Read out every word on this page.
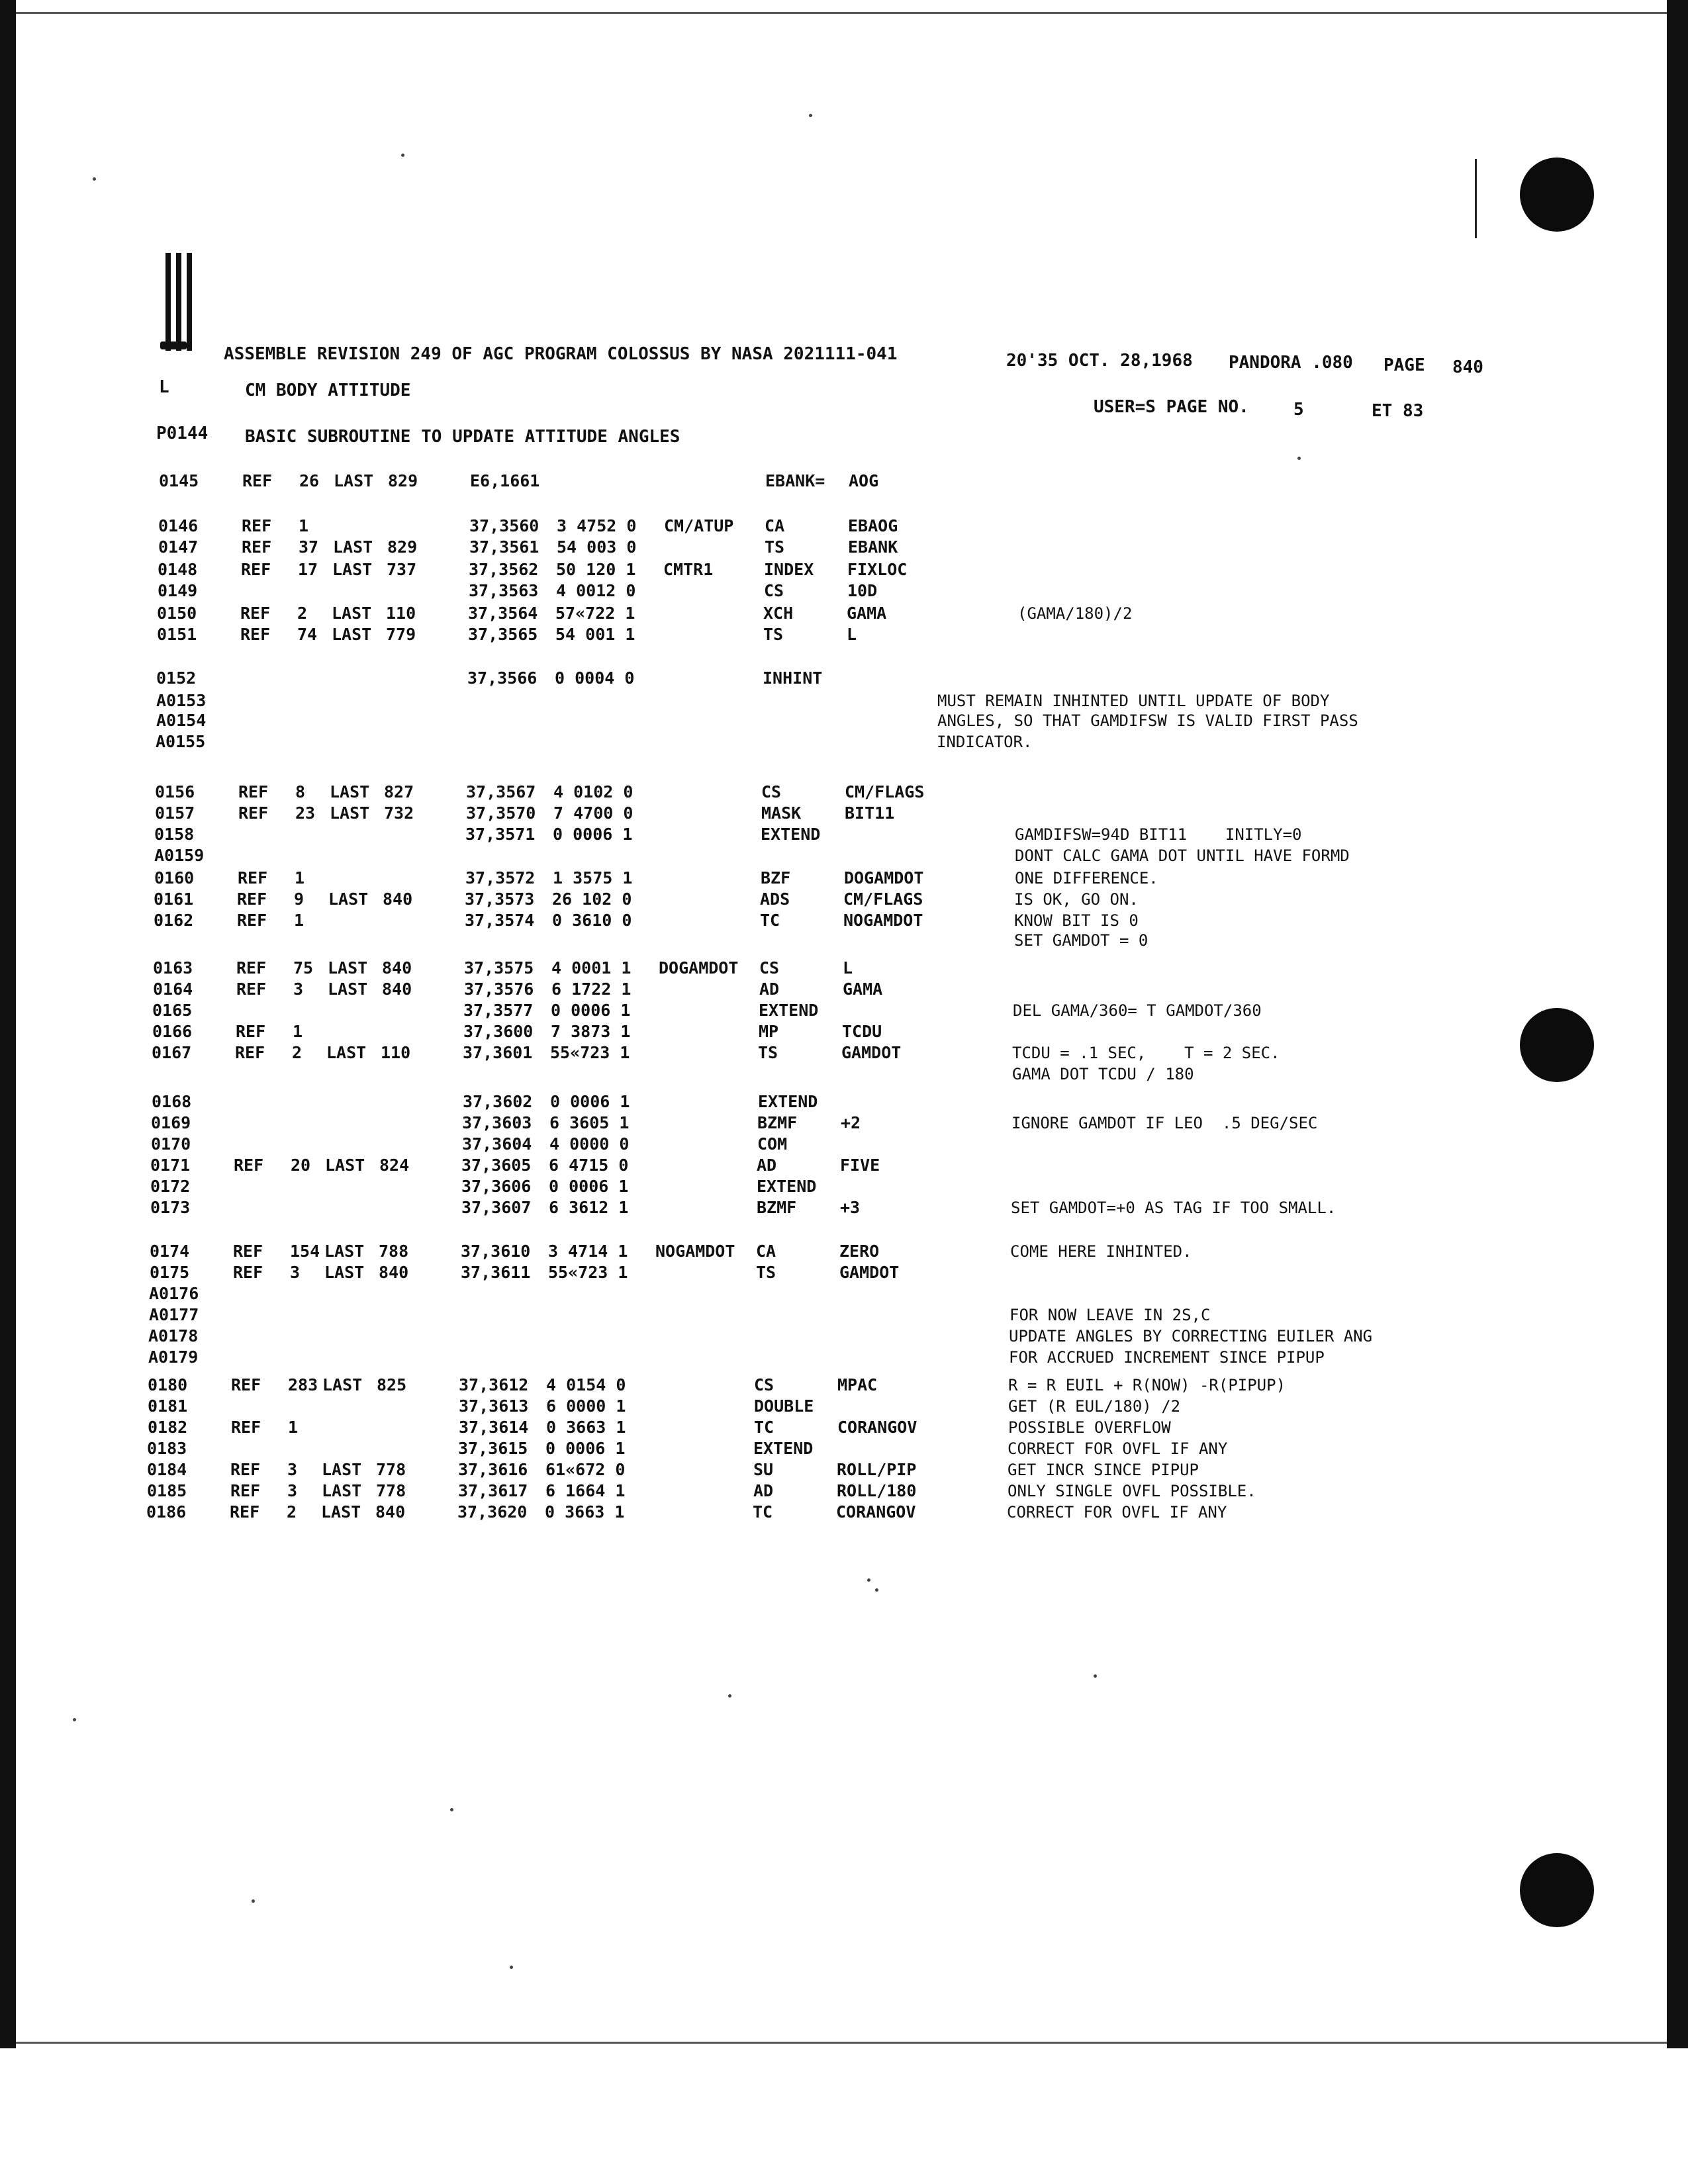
ASSEMBLE REVISION 249 OF AGC PROGRAM COLOSSUS BY NASA 2021111-041	20'35 OCT. 28,1968 PANDORA .080 PAGE 840
L	CM BODY ATTITUDE
USER=S PAGE NO.	5	ET 83
P0144 BASIC SUBROUTINE TO UPDATE ATTITUDE ANGLES
0145	REF 26 LAST 829	E6,1661	EBANK= AOG
0146	REF 1	37,3560 3 4752 0 CM/ATUP CA	EBAOG
0147	REF 37 LAST 829	37,3561 54 003 0	TS	EBANK
0148	REF 17 LAST 737	37,3562 50 120 1 CMTR1	INDEX FIXLOC
0149	37,3563 4 0012 0	CS	10D
0150	REF 2 LAST 110	37,3564 57«722 1	XCH	GAMA	(GAMA/180)/2
0151	REF 74 LAST 779	37,3565 54 001 1	TS	L
0152	37,3566 0 0004 0	INHINT
A0153	MUST REMAIN INHINTED UNTIL UPDATE OF BODY
A0154	ANGLES, SO THAT GAMDIFSW IS VALID FIRST PASS
A0155	INDICATOR.
0156	REF 8 LAST 827	37,3567 4 0102 0	CS	CM/FLAGS
0157	REF 23 LAST 732	37,3570 7 4700 0	MASK	BIT11
0158	37,3571 0 0006 1	EXTEND	GAMDIFSW=94D BIT11    INITLY=0
A0159	DONT CALC GAMA DOT UNTIL HAVE FORMD
0160	REF 1	37,3572 1 3575 1	BZF	DOGAMDOT	ONE DIFFERENCE.
0161	REF 9 LAST 840	37,3573 26 102 0	ADS	CM/FLAGS	IS OK, GO ON.
0162	REF 1	37,3574 0 3610 0	TC	NOGAMDOT	KNOW BIT IS 0
SET GAMDOT = 0
0163	REF 75 LAST 840	37,3575 4 0001 1 DOGAMDOT CS	L
0164	REF 3 LAST 840	37,3576 6 1722 1	AD	GAMA
0165	37,3577 0 0006 1	EXTEND	DEL GAMA/360= T GAMDOT/360
0166	REF 1	37,3600 7 3873 1	MP	TCDU
0167	REF 2 LAST 110	37,3601 55«723 1	TS	GAMDOT	TCDU = .1 SEC,    T = 2 SEC.
GAMA DOT TCDU / 180
0168	37,3602 0 0006 1	EXTEND
0169	37,3603 6 3605 1	BZMF	+2	IGNORE GAMDOT IF LEO  .5 DEG/SEC
0170	37,3604 4 0000 0	COM
0171	REF 20 LAST 824	37,3605 6 4715 0	AD	FIVE
0172	37,3606 0 0006 1	EXTEND
0173	37,3607 6 3612 1	BZMF	+3	SET GAMDOT=+0 AS TAG IF TOO SMALL.
0174	REF 154 LAST 788	37,3610 3 4714 1 NOGAMDOT CA	ZERO	COME HERE INHINTED.
0175	REF 3 LAST 840	37,3611 55«723 1	TS	GAMDOT
A0176
A0177	FOR NOW LEAVE IN 2S,C
A0178	UPDATE ANGLES BY CORRECTING EUILER ANG
A0179	FOR ACCRUED INCREMENT SINCE PIPUP
0180	REF 283 LAST 825	37,3612 4 0154 0	CS	MPAC	R = R EUIL + R(NOW) -R(PIPUP)
0181	37,3613 6 0000 1	DOUBLE	GET (R EUL/180) /2
0182	REF 1	37,3614 0 3663 1	TC	CORANGOV	POSSIBLE OVERFLOW
0183	37,3615 0 0006 1	EXTEND	CORRECT FOR OVFL IF ANY
0184	REF 3 LAST 778	37,3616 61«672 0	SU	ROLL/PIP	GET INCR SINCE PIPUP
0185	REF 3 LAST 778	37,3617 6 1664 1	AD	ROLL/180	ONLY SINGLE OVFL POSSIBLE.
0186	REF 2 LAST 840	37,3620 0 3663 1	TC	CORANGOV	CORRECT FOR OVFL IF ANY
